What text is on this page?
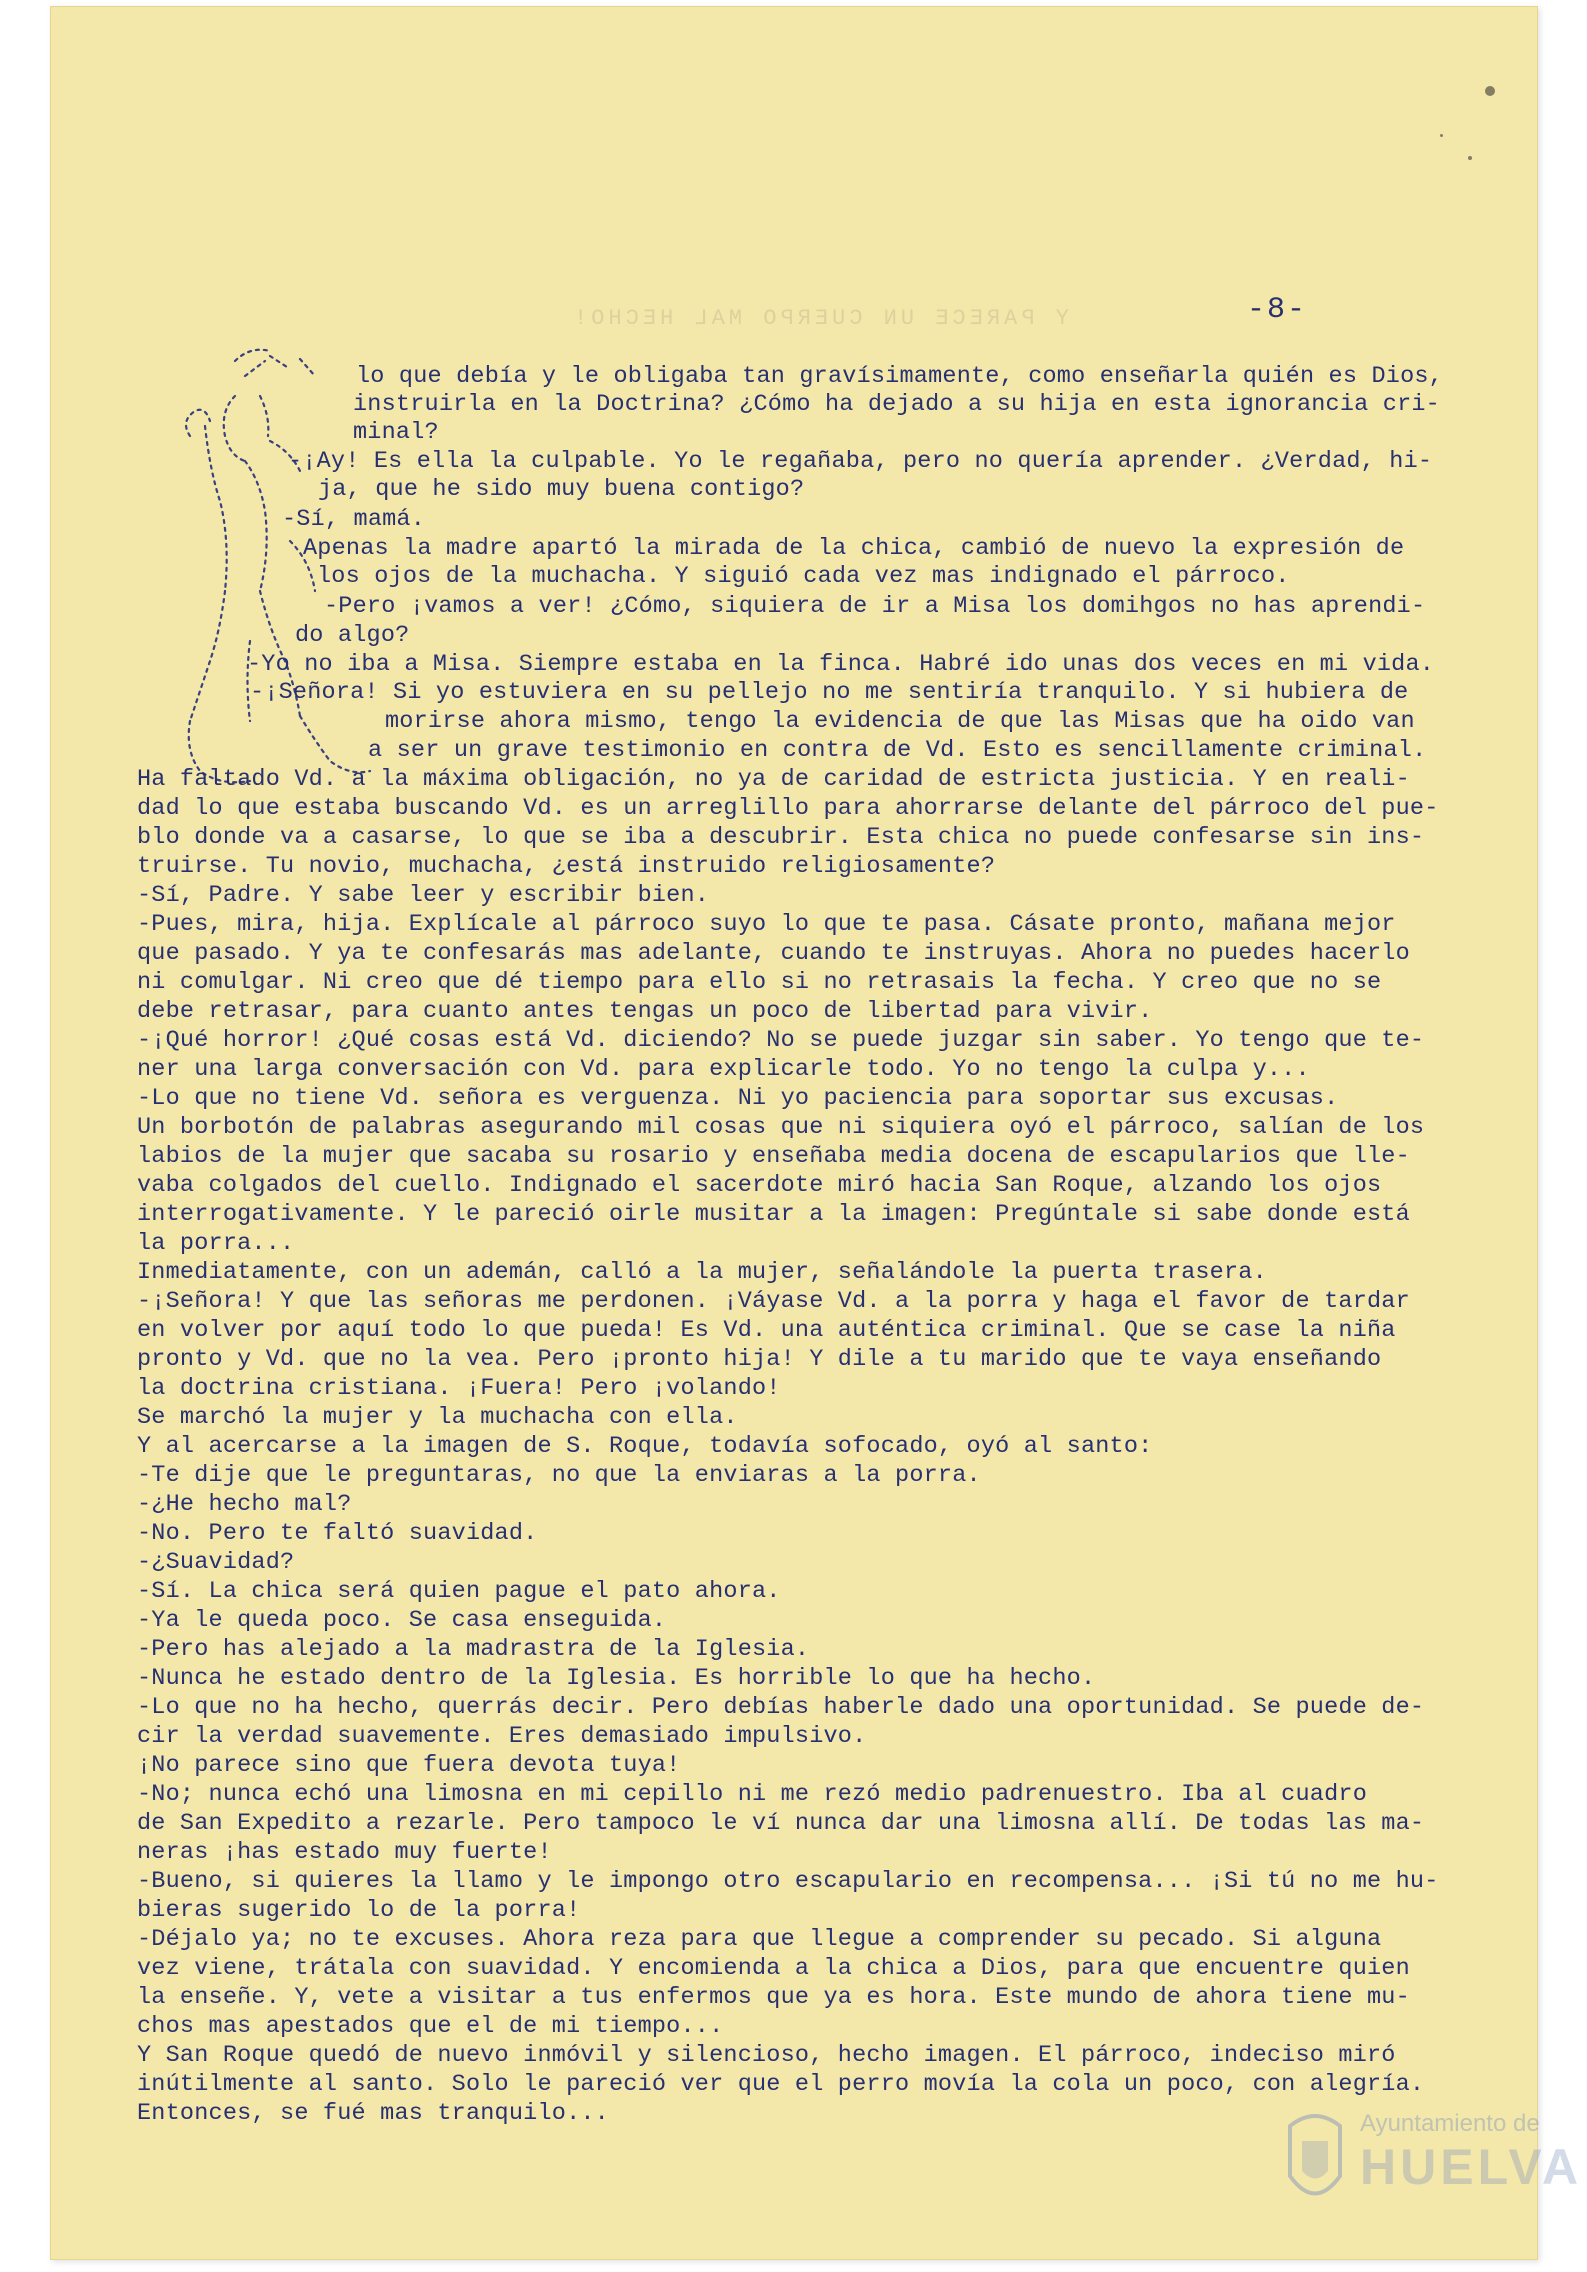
Y PARECE UN CUERPO MAL HECHO!	-8-
lo que debía y le obligaba tan gravísimamente, como enseñarla quién es Dios,
instruirla en la Doctrina? ¿Cómo ha dejado a su hija en esta ignorancia cri-
minal?
-¡Ay! Es ella la culpable. Yo le regañaba, pero no quería aprender. ¿Verdad, hi-
ja, que he sido muy buena contigo?
-Sí, mamá.
Apenas la madre apartó la mirada de la chica, cambió de nuevo la expresión de
los ojos de la muchacha. Y siguió cada vez mas indignado el párroco.
-Pero ¡vamos a ver! ¿Cómo, siquiera de ir a Misa los domihgos no has aprendi-
do algo?
-Yo no iba a Misa. Siempre estaba en la finca. Habré ido unas dos veces en mi vida.
-¡Señora! Si yo estuviera en su pellejo no me sentiría tranquilo. Y si hubiera de
morirse ahora mismo, tengo la evidencia de que las Misas que ha oido van
a ser un grave testimonio en contra de Vd. Esto es sencillamente criminal.
Ha faltado Vd. a la máxima obligación, no ya de caridad de estricta justicia. Y en reali-
dad lo que estaba buscando Vd. es un arreglillo para ahorrarse delante del párroco del pue-
blo donde va a casarse, lo que se iba a descubrir. Esta chica no puede confesarse sin ins-
truirse. Tu novio, muchacha, ¿está instruido religiosamente?
-Sí, Padre. Y sabe leer y escribir bien.
-Pues, mira, hija. Explícale al párroco suyo lo que te pasa. Cásate pronto, mañana mejor
que pasado. Y ya te confesarás mas adelante, cuando te instruyas. Ahora no puedes hacerlo
ni comulgar. Ni creo que dé tiempo para ello si no retrasais la fecha. Y creo que no se
debe retrasar, para cuanto antes tengas un poco de libertad para vivir.
-¡Qué horror! ¿Qué cosas está Vd. diciendo? No se puede juzgar sin saber. Yo tengo que te-
ner una larga conversación con Vd. para explicarle todo. Yo no tengo la culpa y...
-Lo que no tiene Vd. señora es verguenza. Ni yo paciencia para soportar sus excusas.
Un borbotón de palabras asegurando mil cosas que ni siquiera oyó el párroco, salían de los
labios de la mujer que sacaba su rosario y enseñaba media docena de escapularios que lle-
vaba colgados del cuello. Indignado el sacerdote miró hacia San Roque, alzando los ojos
interrogativamente. Y le pareció oirle musitar a la imagen: Pregúntale si sabe donde está
la porra...
Inmediatamente, con un ademán, calló a la mujer, señalándole la puerta trasera.
-¡Señora! Y que las señoras me perdonen. ¡Váyase Vd. a la porra y haga el favor de tardar
en volver por aquí todo lo que pueda! Es Vd. una auténtica criminal. Que se case la niña
pronto y Vd. que no la vea. Pero ¡pronto hija! Y dile a tu marido que te vaya enseñando
la doctrina cristiana. ¡Fuera! Pero ¡volando!
Se marchó la mujer y la muchacha con ella.
Y al acercarse a la imagen de S. Roque, todavía sofocado, oyó al santo:
-Te dije que le preguntaras, no que la enviaras a la porra.
-¿He hecho mal?
-No. Pero te faltó suavidad.
-¿Suavidad?
-Sí. La chica será quien pague el pato ahora.
-Ya le queda poco. Se casa enseguida.
-Pero has alejado a la madrastra de la Iglesia.
-Nunca he estado dentro de la Iglesia. Es horrible lo que ha hecho.
-Lo que no ha hecho, querrás decir. Pero debías haberle dado una oportunidad. Se puede de-
cir la verdad suavemente. Eres demasiado impulsivo.
¡No parece sino que fuera devota tuya!
-No; nunca echó una limosna en mi cepillo ni me rezó medio padrenuestro. Iba al cuadro
de San Expedito a rezarle. Pero tampoco le ví nunca dar una limosna allí. De todas las ma-
neras ¡has estado muy fuerte!
-Bueno, si quieres la llamo y le impongo otro escapulario en recompensa... ¡Si tú no me hu-
bieras sugerido lo de la porra!
-Déjalo ya; no te excuses. Ahora reza para que llegue a comprender su pecado. Si alguna
vez viene, trátala con suavidad. Y encomienda a la chica a Dios, para que encuentre quien
la enseñe. Y, vete a visitar a tus enfermos que ya es hora. Este mundo de ahora tiene mu-
chos mas apestados que el de mi tiempo...
Y San Roque quedó de nuevo inmóvil y silencioso, hecho imagen. El párroco, indeciso miró
inútilmente al santo. Solo le pareció ver que el perro movía la cola un poco, con alegría.
Entonces, se fué mas tranquilo...	Ayuntamiento de
HUELVA
